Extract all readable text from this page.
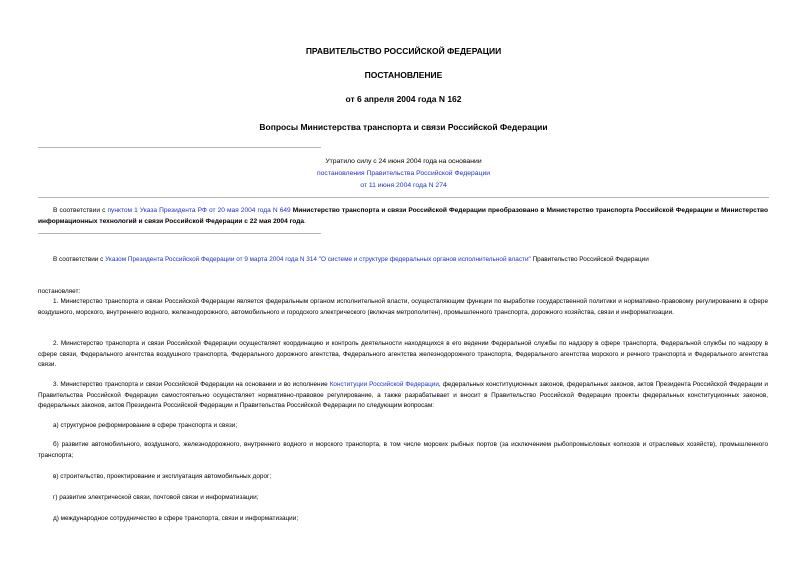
ПРАВИТЕЛЬСТВО РОССИЙСКОЙ ФЕДЕРАЦИИ
ПОСТАНОВЛЕНИЕ
от 6 апреля 2004 года N 162
Вопросы Министерства транспорта и связи Российской Федерации
Утратило силу с 24 июня 2004 года на основании
постановления Правительства Российской Федерации
от 11 июня 2004 года N 274
В соответствии с пунктом 1 Указа Президента РФ от 20 мая 2004 года N 649 Министерство транспорта и связи Российской Федерации преобразовано в Министерство транспорта Российской Федерации и Министерство информационных технологий и связи Российской Федерации с 22 мая 2004 года.
В соответствии с Указом Президента Российской Федерации от 9 марта 2004 года N 314 "О системе и структуре федеральных органов исполнительной власти" Правительство Российской Федерации
постановляет:
1. Министерство транспорта и связи Российской Федерации является федеральным органом исполнительной власти, осуществляющим функции по выработке государственной политики и нормативно-правовому регулированию в сфере воздушного, морского, внутреннего водного, железнодорожного, автомобильного и городского электрического (включая метрополитен), промышленного транспорта, дорожного хозяйства, связи и информатизации.
2. Министерство транспорта и связи Российской Федерации осуществляет координацию и контроль деятельности находящихся в его ведении Федеральной службы по надзору в сфере транспорта, Федеральной службы по надзору в сфере связи, Федерального агентства воздушного транспорта, Федерального дорожного агентства, Федерального агентства железнодорожного транспорта, Федерального агентства морского и речного транспорта и Федерального агентства связи.
3. Министерство транспорта и связи Российской Федерации на основании и во исполнение Конституции Российской Федерации, федеральных конституционных законов, федеральных законов, актов Президента Российской Федерации и Правительства Российской Федерации самостоятельно осуществляет нормативно-правовое регулирование, а также разрабатывает и вносит в Правительство Российской Федерации проекты федеральных конституционных законов, федеральных законов, актов Президента Российской Федерации и Правительства Российской Федерации по следующим вопросам:
а) структурное реформирование в сфере транспорта и связи;
б) развитие автомобильного, воздушного, железнодорожного, внутреннего водного и морского транспорта, в том числе морских рыбных портов (за исключением рыбопромысловых колхозов и отраслевых хозяйств), промышленного транспорта;
в) строительство, проектирование и эксплуатация автомобильных дорог;
г) развитие электрической связи, почтовой связи и информатизации;
д) международное сотрудничество в сфере транспорта, связи и информатизации;
